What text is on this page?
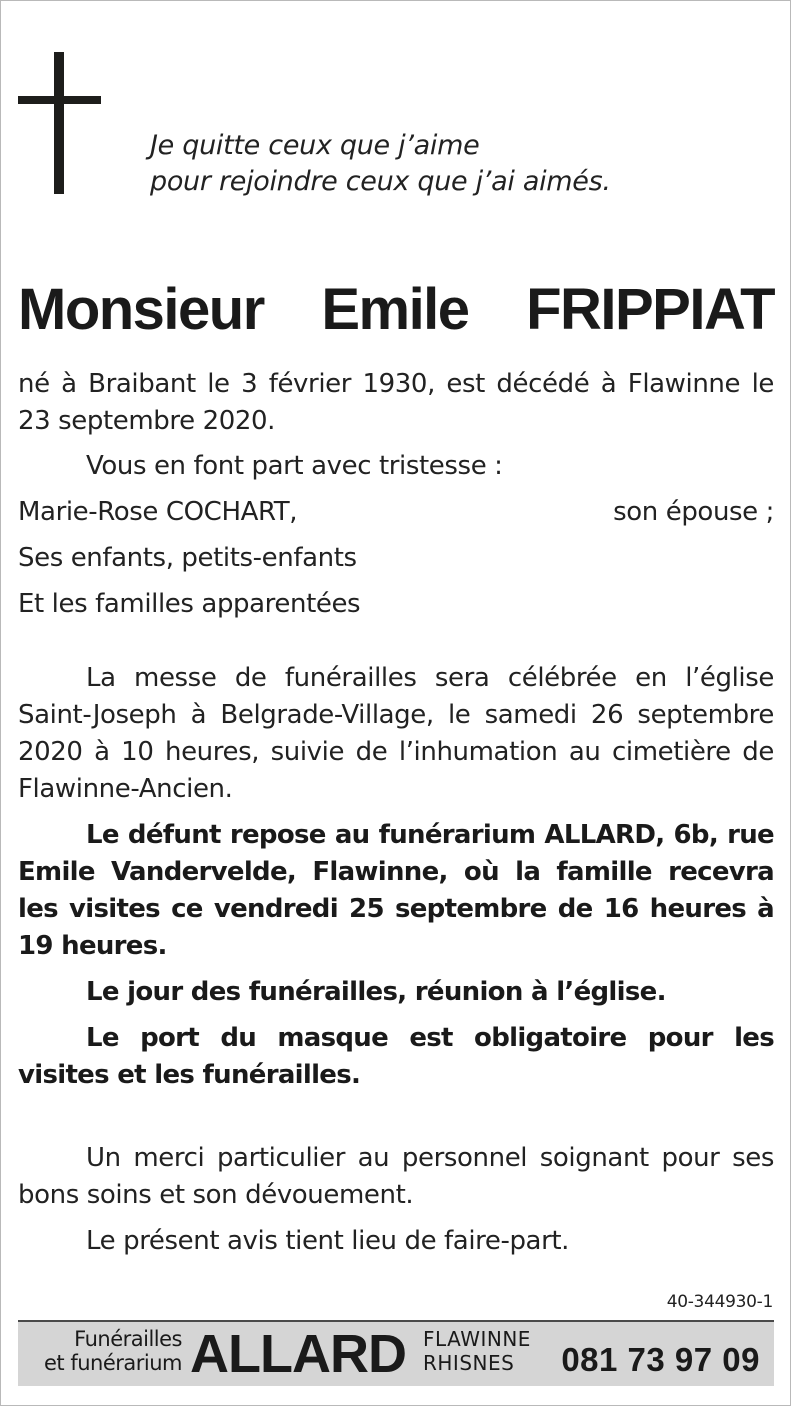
Je quitte ceux que j’aime
pour rejoindre ceux que j’ai aimés.
Monsieur Emile FRIPPIAT

né à Braibant le 3 février 1930, est décédé à Flawinne le 23 septembre 2020.

Vous en font part avec tristesse :

Marie-Rose COCHART,	son épouse ;

Ses enfants, petits-enfants

Et les familles apparentées

La messe de funérailles sera célébrée en l’église Saint-Joseph à Belgrade-Village, le samedi 26 septembre 2020 à 10 heures, suivie de l’inhumation au cimetière de Flawinne-Ancien.

Le défunt repose au funérarium ALLARD, 6b, rue Emile Vandervelde, Flawinne, où la famille recevra les visites ce vendredi 25 septembre de 16 heures à 19 heures.

Le jour des funérailles, réunion à l’église.

Le port du masque est obligatoire pour les visites et les funérailles.

Un merci particulier au personnel soignant pour ses bons soins et son dévouement.

Le présent avis tient lieu de faire-part.

40-344930-1
Funérailles
et funérarium ALLARD FLAWINNE
RHISNES	081 73 97 09
